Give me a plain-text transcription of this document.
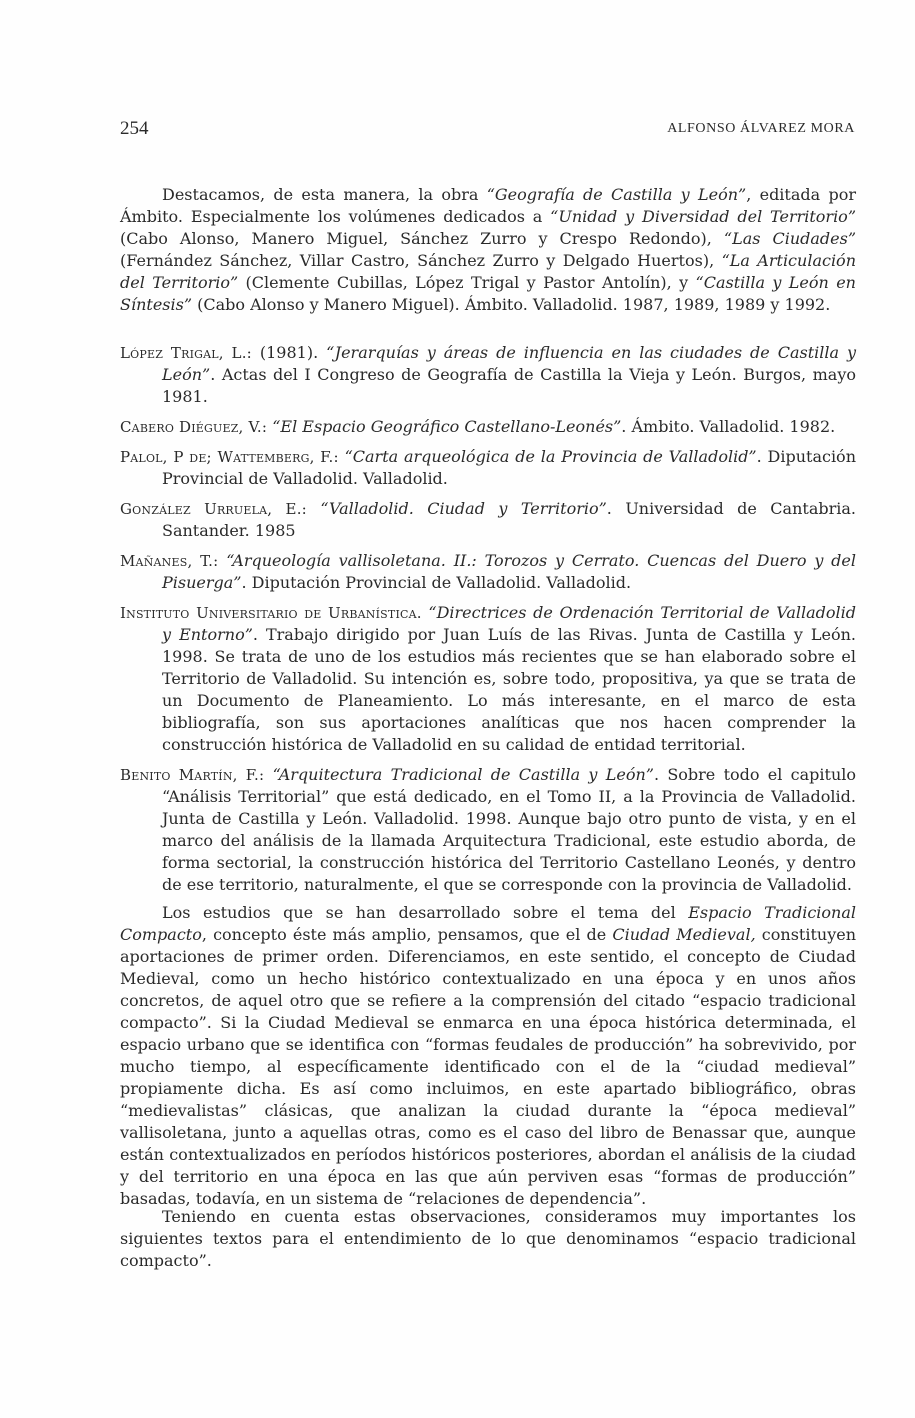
254	ALFONSO ÁLVAREZ MORA

Destacamos, de esta manera, la obra “Geografía de Castilla y León”, editada por Ámbito. Especialmente los volúmenes dedicados a “Unidad y Diversidad del Territorio” (Cabo Alonso, Manero Miguel, Sánchez Zurro y Crespo Redondo), “Las Ciudades” (Fernández Sánchez, Villar Castro, Sánchez Zurro y Delgado Huertos), “La Articulación del Territorio” (Clemente Cubillas, López Trigal y Pastor Antolín), y “Castilla y León en Síntesis” (Cabo Alonso y Manero Miguel). Ámbito. Valladolid. 1987, 1989, 1989 y 1992.

López Trigal, L.: (1981). “Jerarquías y áreas de influencia en las ciudades de Castilla y León”. Actas del I Congreso de Geografía de Castilla la Vieja y León. Burgos, mayo 1981.

Cabero Diéguez, V.: “El Espacio Geográfico Castellano-Leonés”. Ámbito. Valladolid. 1982.

Palol, P de; Wattemberg, F.: “Carta arqueológica de la Provincia de Valladolid”. Diputación Provincial de Valladolid. Valladolid.

González Urruela, E.: “Valladolid. Ciudad y Territorio”. Universidad de Cantabria. Santander. 1985

Mañanes, T.: “Arqueología vallisoletana. II.: Torozos y Cerrato. Cuencas del Duero y del Pisuerga”. Diputación Provincial de Valladolid. Valladolid.

Instituto Universitario de Urbanística. “Directrices de Ordenación Territorial de Valladolid y Entorno”. Trabajo dirigido por Juan Luís de las Rivas. Junta de Castilla y León. 1998. Se trata de uno de los estudios más recientes que se han elaborado sobre el Territorio de Valladolid. Su intención es, sobre todo, propositiva, ya que se trata de un Documento de Planeamiento. Lo más interesante, en el marco de esta bibliografía, son sus aportaciones analíticas que nos hacen comprender la construcción histórica de Valladolid en su calidad de entidad territorial.

Benito Martín, F.: “Arquitectura Tradicional de Castilla y León”. Sobre todo el capitulo “Análisis Territorial” que está dedicado, en el Tomo II, a la Provincia de Valladolid. Junta de Castilla y León. Valladolid. 1998. Aunque bajo otro punto de vista, y en el marco del análisis de la llamada Arquitectura Tradicional, este estudio aborda, de forma sectorial, la construcción histórica del Territorio Castellano Leonés, y dentro de ese territorio, naturalmente, el que se corresponde con la provincia de Valladolid.

Los estudios que se han desarrollado sobre el tema del Espacio Tradicional Compacto, concepto éste más amplio, pensamos, que el de Ciudad Medieval, constituyen aportaciones de primer orden. Diferenciamos, en este sentido, el concepto de Ciudad Medieval, como un hecho histórico contextualizado en una época y en unos años concretos, de aquel otro que se refiere a la comprensión del citado “espacio tradicional compacto”. Si la Ciudad Medieval se enmarca en una época histórica determinada, el espacio urbano que se identifica con “formas feudales de producción” ha sobrevivido, por mucho tiempo, al específicamente identificado con el de la “ciudad medieval” propiamente dicha. Es así como incluimos, en este apartado bibliográfico, obras “medievalistas” clásicas, que analizan la ciudad durante la “época medieval” vallisoletana, junto a aquellas otras, como es el caso del libro de Benassar que, aunque están contextualizados en períodos históricos posteriores, abordan el análisis de la ciudad y del territorio en una época en las que aún perviven esas “formas de producción” basadas, todavía, en un sistema de “relaciones de dependencia”.

Teniendo en cuenta estas observaciones, consideramos muy importantes los siguientes textos para el entendimiento de lo que denominamos “espacio tradicional compacto”.
